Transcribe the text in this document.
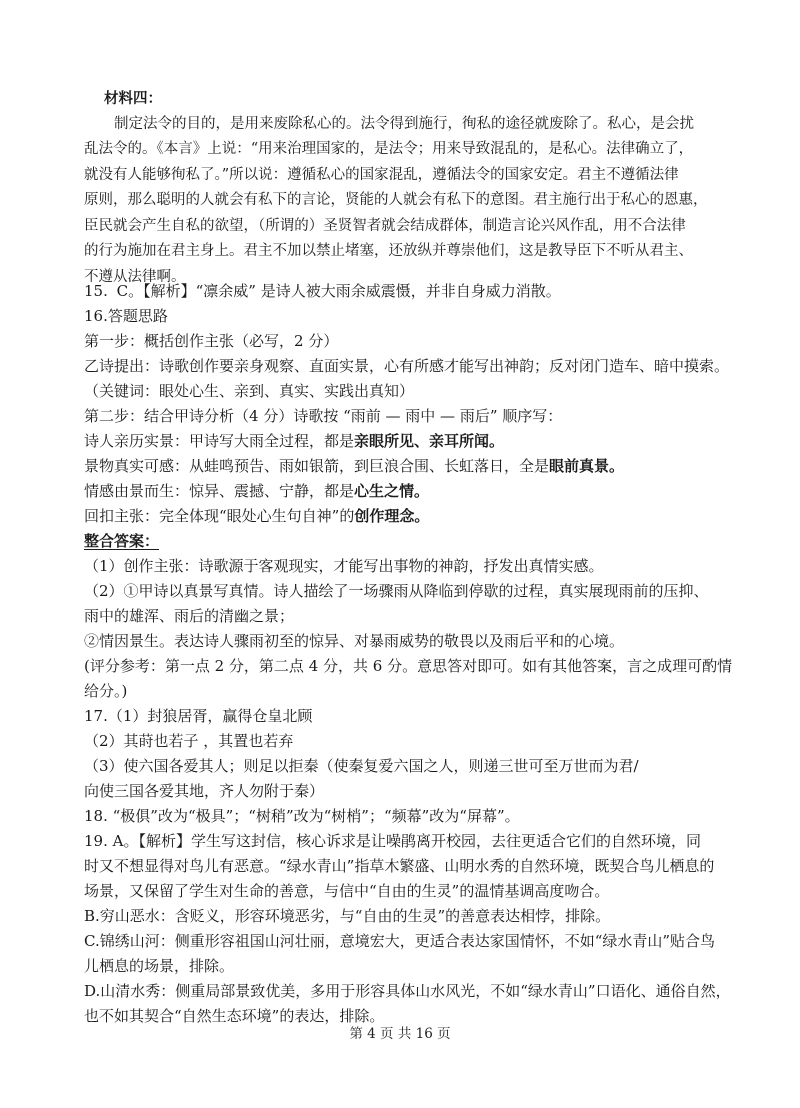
材料四：
制定法令的目的，是用来废除私心的。法令得到施行，徇私的途径就废除了。私心，是会扰
乱法令的。《本言》上说：“用来治理国家的，是法令；用来导致混乱的，是私心。法律确立了，
就没有人能够徇私了。”所以说：遵循私心的国家混乱，遵循法令的国家安定。君主不遵循法律
原则，那么聪明的人就会有私下的言论，贤能的人就会有私下的意图。君主施行出于私心的恩惠，
臣民就会产生自私的欲望，（所谓的）圣贤智者就会结成群体，制造言论兴风作乱，用不合法律
的行为施加在君主身上。君主不加以禁止堵塞，还放纵并尊崇他们，这是教导臣下不听从君主、
不遵从法律啊。
15. C。【解析】“凛余威” 是诗人被大雨余威震慑，并非自身威力消散。
16.答题思路
第一步：概括创作主张（必写，2 分）
乙诗提出：诗歌创作要亲身观察、直面实景，心有所感才能写出神韵；反对闭门造车、暗中摸索。
（关键词：眼处心生、亲到、真实、实践出真知）
第二步：结合甲诗分析（4 分）诗歌按 “雨前 — 雨中 — 雨后” 顺序写：
诗人亲历实景：甲诗写大雨全过程，都是亲眼所见、亲耳所闻。
景物真实可感：从蛙鸣预告、雨如银箭，到巨浪合围、长虹落日，全是眼前真景。
情感由景而生：惊异、震撼、宁静，都是心生之情。
回扣主张：完全体现“眼处心生句自神”的创作理念。
整合答案：
（1）创作主张：诗歌源于客观现实，才能写出事物的神韵，抒发出真情实感。
（2）①甲诗以真景写真情。诗人描绘了一场骤雨从降临到停歇的过程，真实展现雨前的压抑、
雨中的雄浑、雨后的清幽之景；
②情因景生。表达诗人骤雨初至的惊异、对暴雨威势的敬畏以及雨后平和的心境。
(评分参考：第一点 2 分，第二点 4 分，共 6 分。意思答对即可。如有其他答案，言之成理可酌情
给分。)
17.（1）封狼居胥，赢得仓皇北顾
（2）其莳也若子 ，其置也若弃
（3）使六国各爱其人；则足以拒秦（使秦复爱六国之人，则递三世可至万世而为君/
向使三国各爱其地，齐人勿附于秦）
18. “极俱”改为“极具”；“树稍”改为“树梢”；“频幕”改为“屏幕”。
19. A。【解析】学生写这封信，核心诉求是让噪鹃离开校园，去往更适合它们的自然环境，同
时又不想显得对鸟儿有恶意。“绿水青山”指草木繁盛、山明水秀的自然环境，既契合鸟儿栖息的
场景，又保留了学生对生命的善意，与信中“自由的生灵”的温情基调高度吻合。
B.穷山恶水：含贬义，形容环境恶劣，与“自由的生灵”的善意表达相悖，排除。
C.锦绣山河：侧重形容祖国山河壮丽，意境宏大，更适合表达家国情怀，不如“绿水青山”贴合鸟
儿栖息的场景，排除。
D.山清水秀：侧重局部景致优美，多用于形容具体山水风光，不如“绿水青山”口语化、通俗自然，
也不如其契合“自然生态环境”的表达，排除。
第 4 页 共 16 页
